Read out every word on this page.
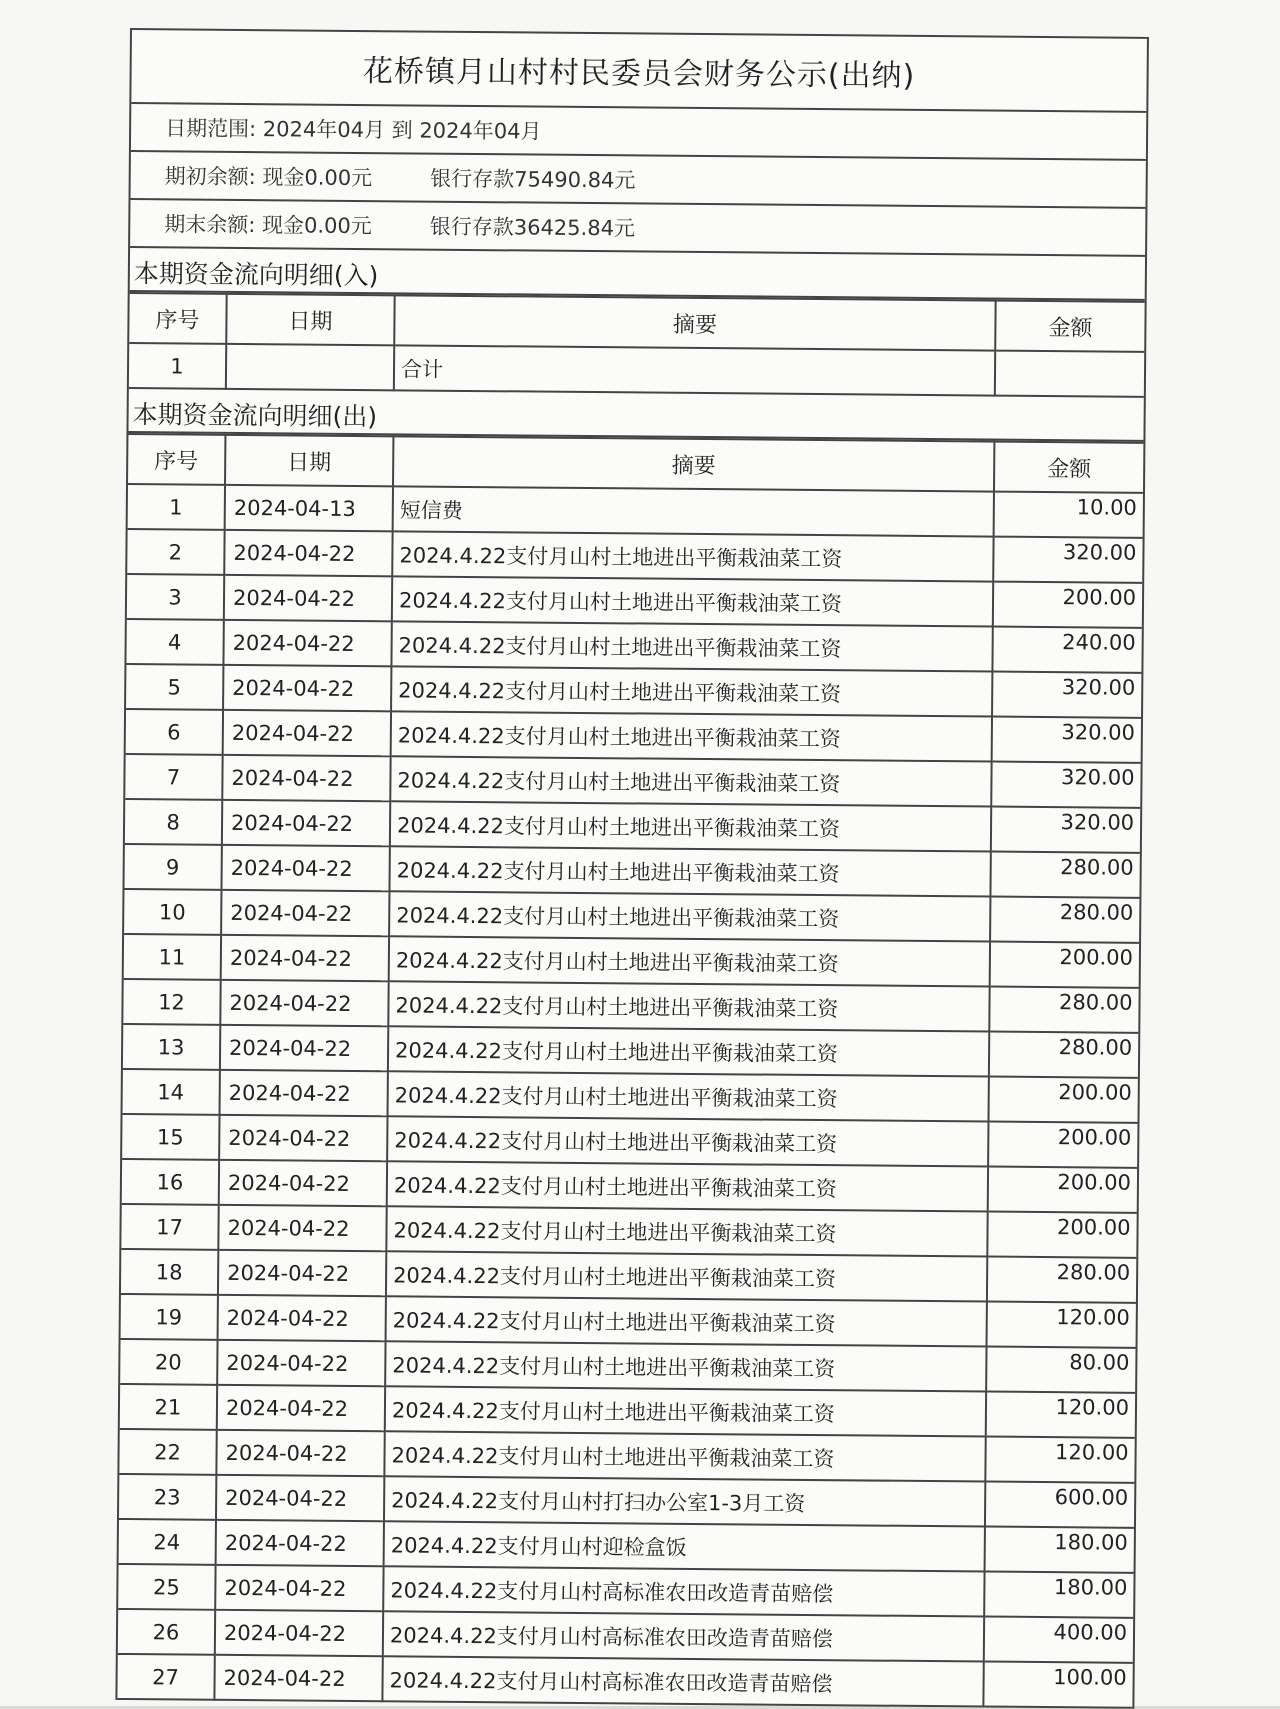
花桥镇月山村村民委员会财务公示(出纳)
日期范围: 2024年04月 到 2024年04月
期初余额: 现金0.00元	银行存款75490.84元
期末余额: 现金0.00元	银行存款36425.84元
本期资金流向明细(入)
序号	日期	摘要	金额
1		合计	
本期资金流向明细(出)
序号	日期	摘要	金额
1	2024-04-13	短信费	10.00
2	2024-04-22	2024.4.22支付月山村土地进出平衡栽油菜工资	320.00
3	2024-04-22	2024.4.22支付月山村土地进出平衡栽油菜工资	200.00
4	2024-04-22	2024.4.22支付月山村土地进出平衡栽油菜工资	240.00
5	2024-04-22	2024.4.22支付月山村土地进出平衡栽油菜工资	320.00
6	2024-04-22	2024.4.22支付月山村土地进出平衡栽油菜工资	320.00
7	2024-04-22	2024.4.22支付月山村土地进出平衡栽油菜工资	320.00
8	2024-04-22	2024.4.22支付月山村土地进出平衡栽油菜工资	320.00
9	2024-04-22	2024.4.22支付月山村土地进出平衡栽油菜工资	280.00
10	2024-04-22	2024.4.22支付月山村土地进出平衡栽油菜工资	280.00
11	2024-04-22	2024.4.22支付月山村土地进出平衡栽油菜工资	200.00
12	2024-04-22	2024.4.22支付月山村土地进出平衡栽油菜工资	280.00
13	2024-04-22	2024.4.22支付月山村土地进出平衡栽油菜工资	280.00
14	2024-04-22	2024.4.22支付月山村土地进出平衡栽油菜工资	200.00
15	2024-04-22	2024.4.22支付月山村土地进出平衡栽油菜工资	200.00
16	2024-04-22	2024.4.22支付月山村土地进出平衡栽油菜工资	200.00
17	2024-04-22	2024.4.22支付月山村土地进出平衡栽油菜工资	200.00
18	2024-04-22	2024.4.22支付月山村土地进出平衡栽油菜工资	280.00
19	2024-04-22	2024.4.22支付月山村土地进出平衡栽油菜工资	120.00
20	2024-04-22	2024.4.22支付月山村土地进出平衡栽油菜工资	80.00
21	2024-04-22	2024.4.22支付月山村土地进出平衡栽油菜工资	120.00
22	2024-04-22	2024.4.22支付月山村土地进出平衡栽油菜工资	120.00
23	2024-04-22	2024.4.22支付月山村打扫办公室1-3月工资	600.00
24	2024-04-22	2024.4.22支付月山村迎检盒饭	180.00
25	2024-04-22	2024.4.22支付月山村高标准农田改造青苗赔偿	180.00
26	2024-04-22	2024.4.22支付月山村高标准农田改造青苗赔偿	400.00
27	2024-04-22	2024.4.22支付月山村高标准农田改造青苗赔偿	100.00
